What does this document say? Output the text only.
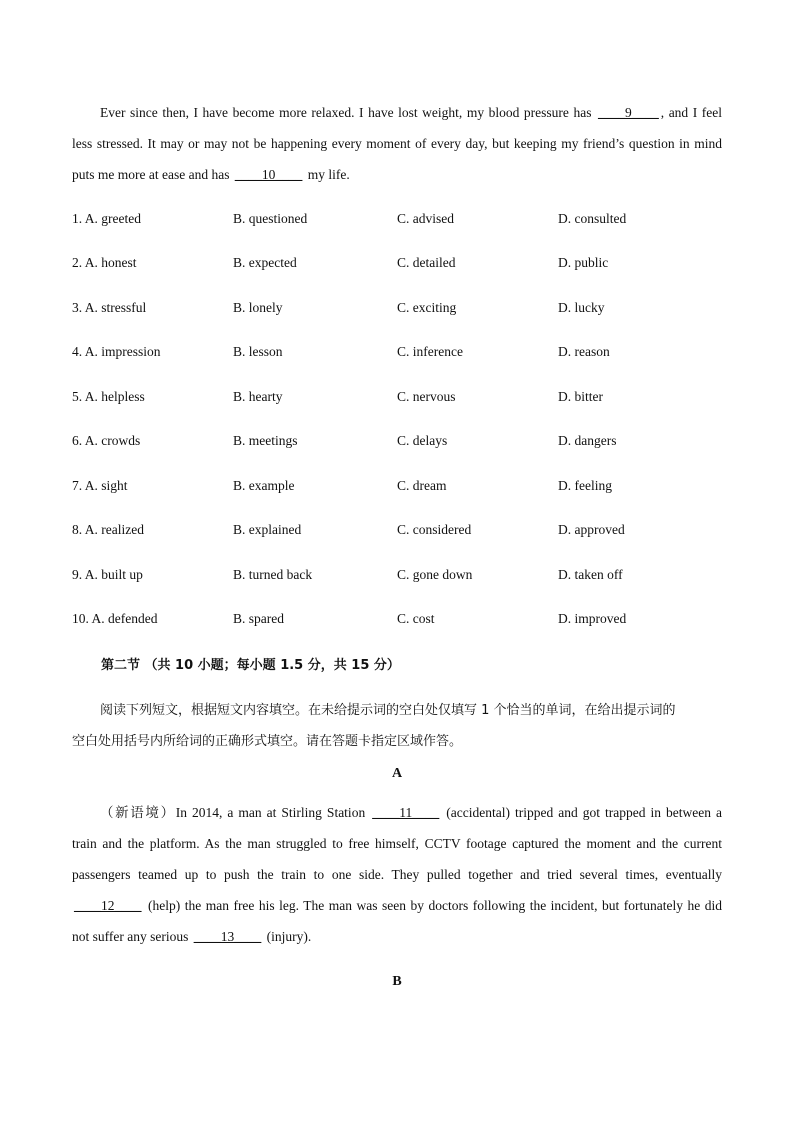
Ever since then, I have become more relaxed. I have lost weight, my blood pressure has ____9____ , and I feel
less stressed. It may or may not be happening every moment of every day, but keeping my friend’s question in mind
puts me more at ease and has ____10____ my life.
1. A. greeted	B. questioned	C. advised	D. consulted
2. A. honest	B. expected	C. detailed	D. public
3. A. stressful	B. lonely	C. exciting	D. lucky
4. A. impression	B. lesson	C. inference	D. reason
5. A. helpless	B. hearty	C. nervous	D. bitter
6. A. crowds	B. meetings	C. delays	D. dangers
7. A. sight	B. example	C. dream	D. feeling
8. A. realized	B. explained	C. considered	D. approved
9. A. built up	B. turned back	C. gone down	D. taken off
10. A. defended	B. spared	C. cost	D. improved
第二节 （共 10 小题；每小题 1.5 分，共 15 分）
阅读下列短文，根据短文内容填空。在未给提示词的空白处仅填写 1 个恰当的单词，在给出提示词的
空白处用括号内所给词的正确形式填空。请在答题卡指定区域作答。
A
（新语境）In 2014, a man at Stirling Station ____11____ (accidental) tripped and got trapped in between a
train and the platform. As the man struggled to free himself, CCTV footage captured the moment and the current
passengers teamed up to push the train to one side. They pulled together and tried several times, eventually
____12____ (help) the man free his leg. The man was seen by doctors following the incident, but fortunately he did
not suffer any serious ____13____ (injury).
B
